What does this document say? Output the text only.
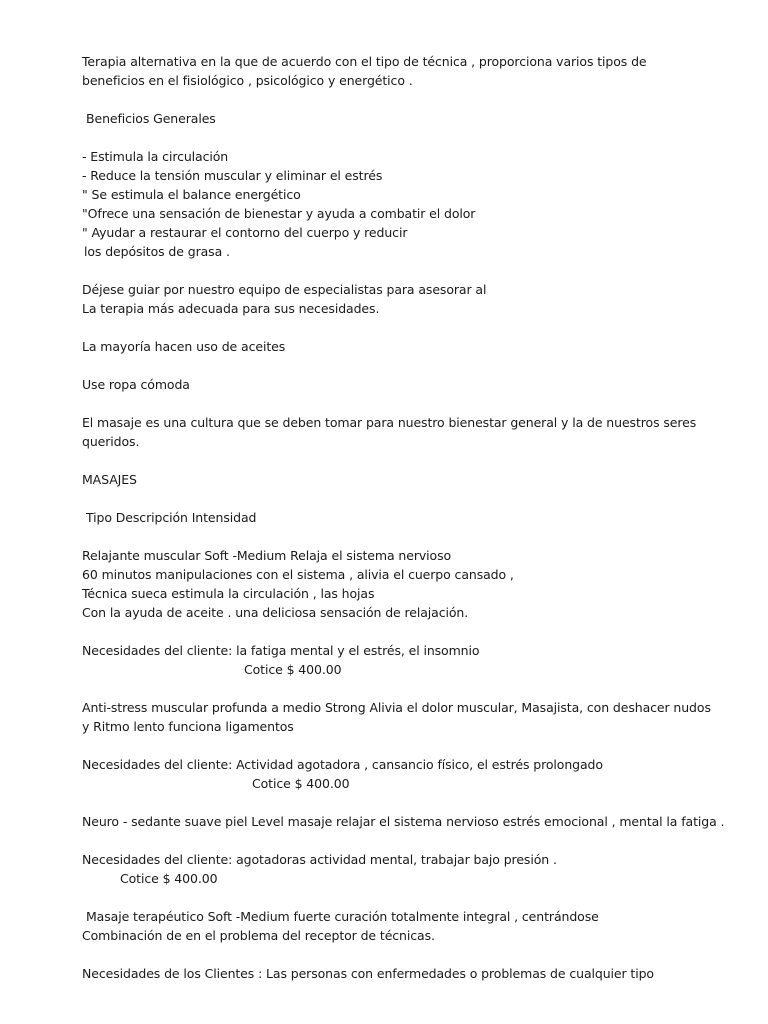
Terapia alternativa en la que de acuerdo con el tipo de técnica , proporciona varios tipos de
beneficios en el fisiológico , psicológico y energético .
Beneficios Generales
- Estimula la circulación
- Reduce la tensión muscular y eliminar el estrés
" Se estimula el balance energético
"Ofrece una sensación de bienestar y ayuda a combatir el dolor
" Ayudar a restaurar el contorno del cuerpo y reducir
los depósitos de grasa .
Déjese guiar por nuestro equipo de especialistas para asesorar al
La terapia más adecuada para sus necesidades.
La mayoría hacen uso de aceites
Use ropa cómoda
El masaje es una cultura que se deben tomar para nuestro bienestar general y la de nuestros seres
queridos.
MASAJES
Tipo Descripción Intensidad
Relajante muscular Soft -Medium Relaja el sistema nervioso
60 minutos manipulaciones con el sistema , alivia el cuerpo cansado ,
Técnica sueca estimula la circulación , las hojas
Con la ayuda de aceite . una deliciosa sensación de relajación.
Necesidades del cliente: la fatiga mental y el estrés, el insomnio
Cotice $ 400.00
Anti-stress muscular profunda a medio Strong Alivia el dolor muscular, Masajista, con deshacer nudos
y Ritmo lento funciona ligamentos
Necesidades del cliente: Actividad agotadora , cansancio físico, el estrés prolongado
Cotice $ 400.00
Neuro - sedante suave piel Level masaje relajar el sistema nervioso estrés emocional , mental la fatiga .
Necesidades del cliente: agotadoras actividad mental, trabajar bajo presión .
Cotice $ 400.00
Masaje terapéutico Soft -Medium fuerte curación totalmente integral , centrándose
Combinación de en el problema del receptor de técnicas.
Necesidades de los Clientes : Las personas con enfermedades o problemas de cualquier tipo
